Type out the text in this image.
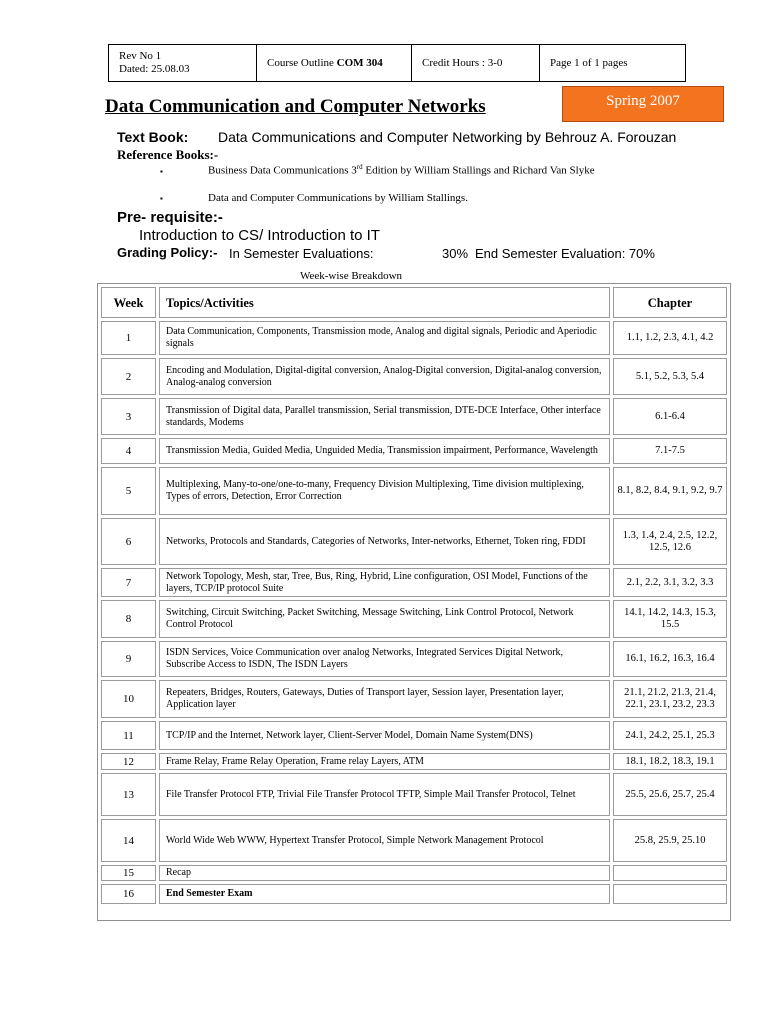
Rev No 1
Dated: 25.08.03	Course Outline COM 304	Credit Hours : 3-0	Page 1 of 1 pages
Data Communication and Computer Networks	Spring 2007
Text Book: Data Communications and Computer Networking by Behrouz A. Forouzan
Reference Books:-
▪	Business Data Communications 3rd Edition by William Stallings and Richard Van Slyke
▪	Data and Computer Communications by William Stallings.
Pre- requisite:-
Introduction to CS/ Introduction to IT
Grading Policy:- In Semester Evaluations:	30% End Semester Evaluation: 70%
Week-wise Breakdown
Week	Topics/Activities	Chapter
1	Data Communication, Components, Transmission mode, Analog and digital signals, Periodic and Aperiodic signals	1.1, 1.2, 2.3, 4.1, 4.2
2	Encoding and Modulation, Digital-digital conversion, Analog-Digital conversion, Digital-analog conversion, Analog-analog conversion	5.1, 5.2, 5.3, 5.4
3	Transmission of Digital data, Parallel transmission, Serial transmission, DTE-DCE Interface, Other interface standards, Modems	6.1-6.4
4	Transmission Media, Guided Media, Unguided Media, Transmission impairment, Performance, Wavelength	7.1-7.5
5	Multiplexing, Many-to-one/one-to-many, Frequency Division Multiplexing, Time division multiplexing, Types of errors, Detection, Error Correction	8.1, 8.2, 8.4, 9.1, 9.2, 9.7
6	Networks, Protocols and Standards, Categories of Networks, Inter-networks, Ethernet, Token ring, FDDI	1.3, 1.4, 2.4, 2.5, 12.2, 12.5, 12.6
7	Network Topology, Mesh, star, Tree, Bus, Ring, Hybrid, Line configuration, OSI Model, Functions of the layers, TCP/IP protocol Suite	2.1, 2.2, 3.1, 3.2, 3.3
8	Switching, Circuit Switching, Packet Switching, Message Switching, Link Control Protocol, Network Control Protocol	14.1, 14.2, 14.3, 15.3, 15.5
9	ISDN Services, Voice Communication over analog Networks, Integrated Services Digital Network, Subscribe Access to ISDN, The ISDN Layers	16.1, 16.2, 16.3, 16.4
10	Repeaters, Bridges, Routers, Gateways, Duties of Transport layer, Session layer, Presentation layer, Application layer	21.1, 21.2, 21.3, 21.4, 22.1, 23.1, 23.2, 23.3
11	TCP/IP and the Internet, Network layer, Client-Server Model, Domain Name System(DNS)	24.1, 24.2, 25.1, 25.3
12	Frame Relay, Frame Relay Operation, Frame relay Layers, ATM	18.1, 18.2, 18.3, 19.1
13	File Transfer Protocol FTP, Trivial File Transfer Protocol TFTP, Simple Mail Transfer Protocol, Telnet	25.5, 25.6, 25.7, 25.4
14	World Wide Web WWW, Hypertext Transfer Protocol, Simple Network Management Protocol	25.8, 25.9, 25.10
15	Recap	
16	End Semester Exam	
